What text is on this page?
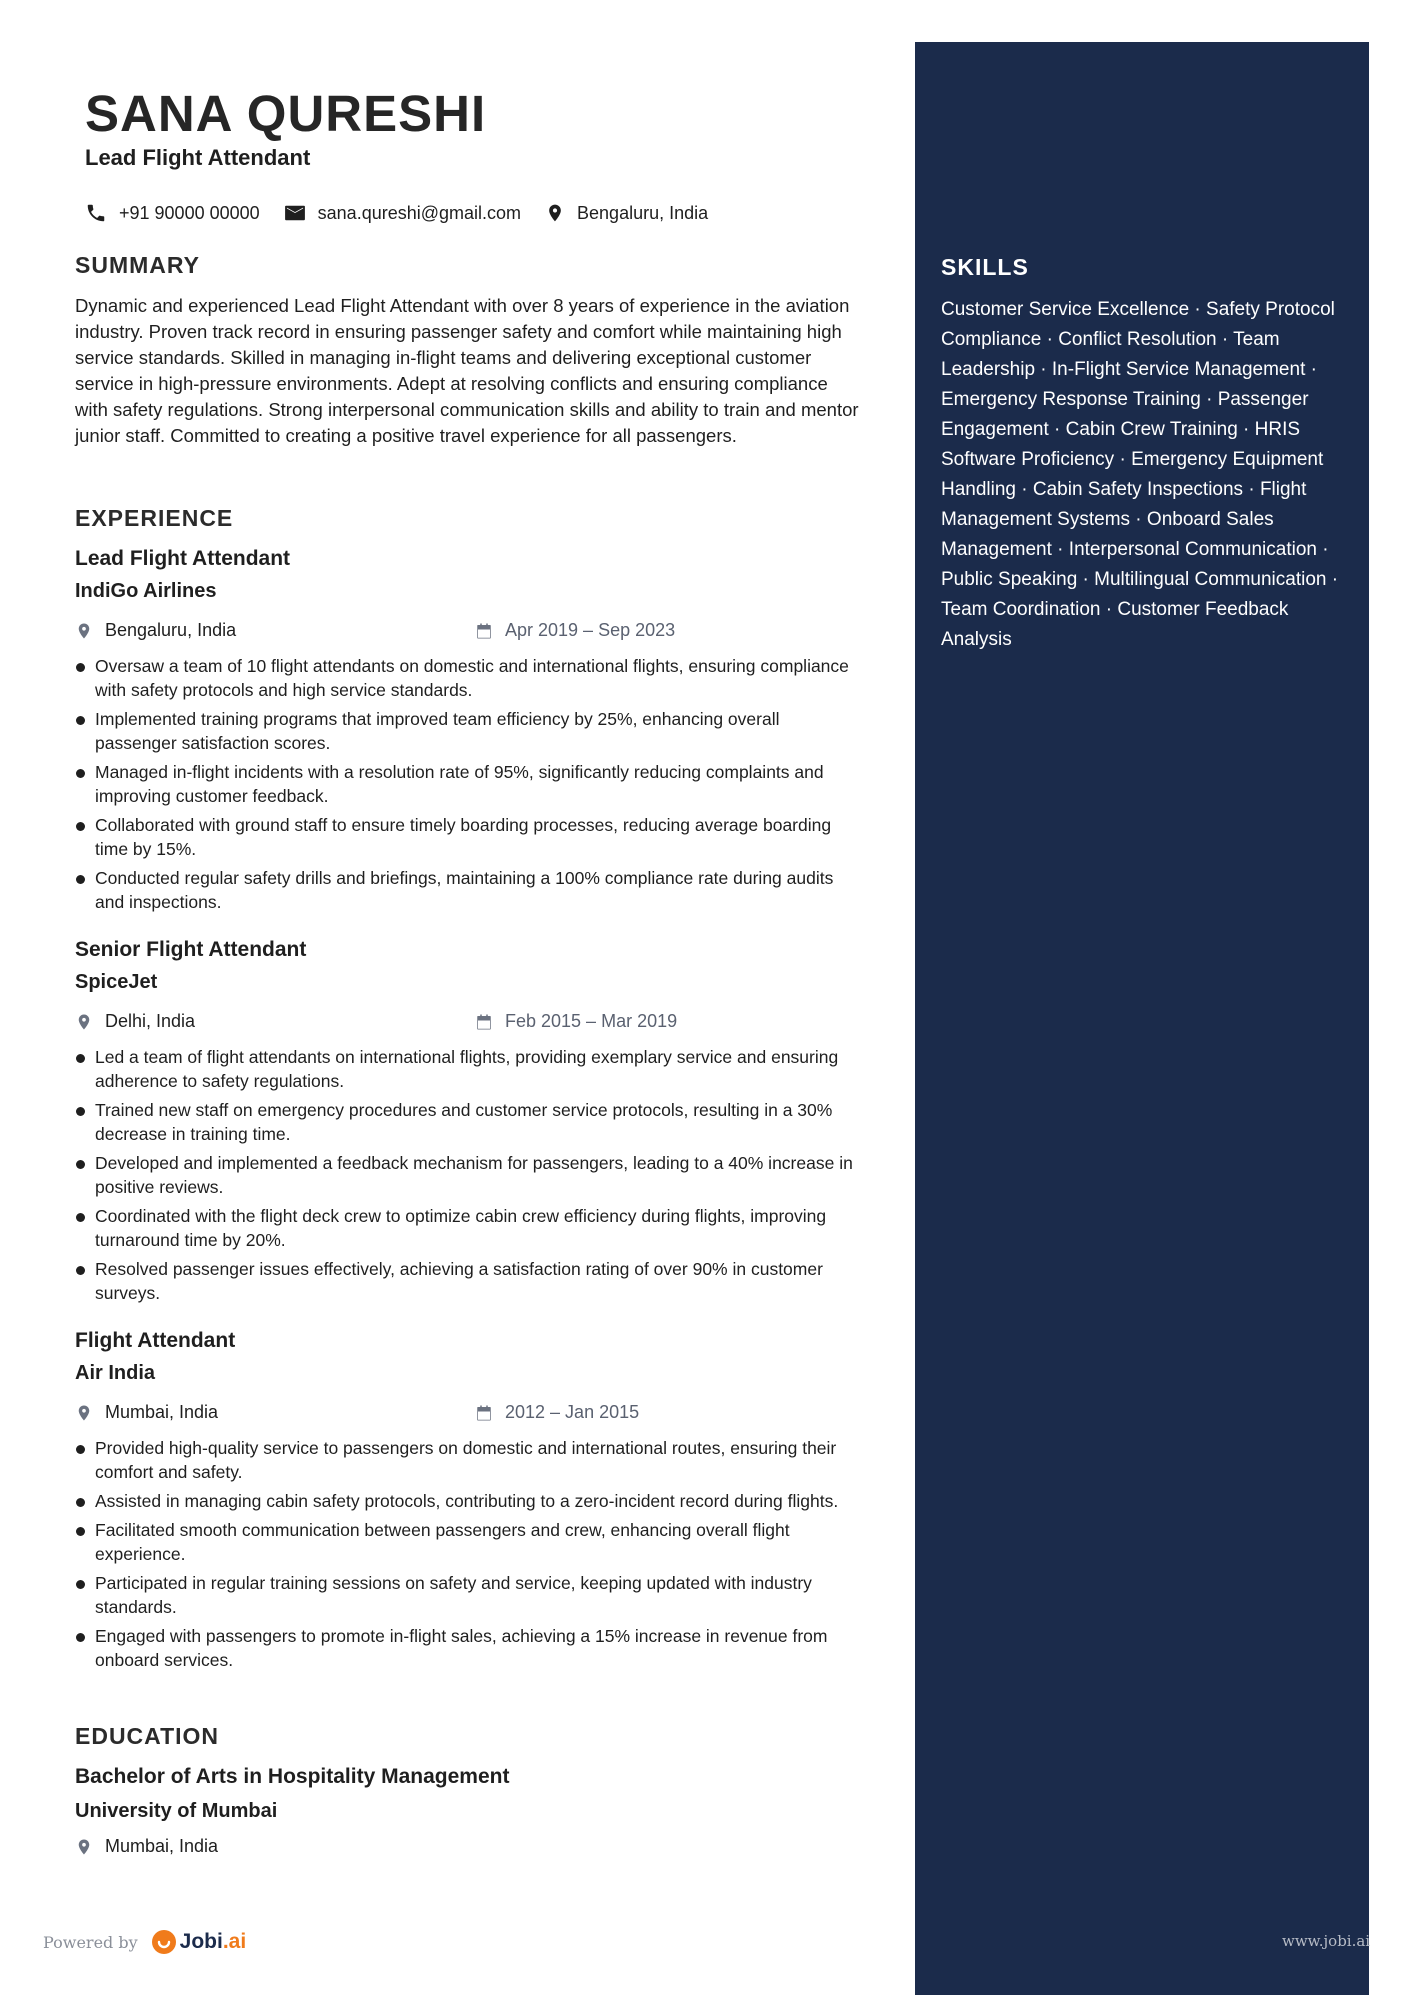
SKILLS
Customer Service Excellence · Safety Protocol Compliance · Conflict Resolution · Team Leadership · In-Flight Service Management · Emergency Response Training · Passenger Engagement · Cabin Crew Training · HRIS Software Proficiency · Emergency Equipment Handling · Cabin Safety Inspections · Flight Management Systems · Onboard Sales Management · Interpersonal Communication · Public Speaking · Multilingual Communication · Team Coordination · Customer Feedback Analysis
SANA QURESHI
Lead Flight Attendant
+91 90000 00000	sana.qureshi@gmail.com	Bengaluru, India
SUMMARY
Dynamic and experienced Lead Flight Attendant with over 8 years of experience in the aviation industry. Proven track record in ensuring passenger safety and comfort while maintaining high service standards. Skilled in managing in-flight teams and delivering exceptional customer service in high-pressure environments. Adept at resolving conflicts and ensuring compliance with safety regulations. Strong interpersonal communication skills and ability to train and mentor junior staff. Committed to creating a positive travel experience for all passengers.
EXPERIENCE
Lead Flight Attendant
IndiGo Airlines
Bengaluru, India	Apr 2019 – Sep 2023
Oversaw a team of 10 flight attendants on domestic and international flights, ensuring compliance with safety protocols and high service standards.
Implemented training programs that improved team efficiency by 25%, enhancing overall passenger satisfaction scores.
Managed in-flight incidents with a resolution rate of 95%, significantly reducing complaints and improving customer feedback.
Collaborated with ground staff to ensure timely boarding processes, reducing average boarding time by 15%.
Conducted regular safety drills and briefings, maintaining a 100% compliance rate during audits and inspections.
Senior Flight Attendant
SpiceJet
Delhi, India	Feb 2015 – Mar 2019
Led a team of flight attendants on international flights, providing exemplary service and ensuring adherence to safety regulations.
Trained new staff on emergency procedures and customer service protocols, resulting in a 30% decrease in training time.
Developed and implemented a feedback mechanism for passengers, leading to a 40% increase in positive reviews.
Coordinated with the flight deck crew to optimize cabin crew efficiency during flights, improving turnaround time by 20%.
Resolved passenger issues effectively, achieving a satisfaction rating of over 90% in customer surveys.
Flight Attendant
Air India
Mumbai, India	2012 – Jan 2015
Provided high-quality service to passengers on domestic and international routes, ensuring their comfort and safety.
Assisted in managing cabin safety protocols, contributing to a zero-incident record during flights.
Facilitated smooth communication between passengers and crew, enhancing overall flight experience.
Participated in regular training sessions on safety and service, keeping updated with industry standards.
Engaged with passengers to promote in-flight sales, achieving a 15% increase in revenue from onboard services.
EDUCATION
Bachelor of Arts in Hospitality Management
University of Mumbai
Mumbai, India
Powered by Jobi.ai	www.jobi.ai
